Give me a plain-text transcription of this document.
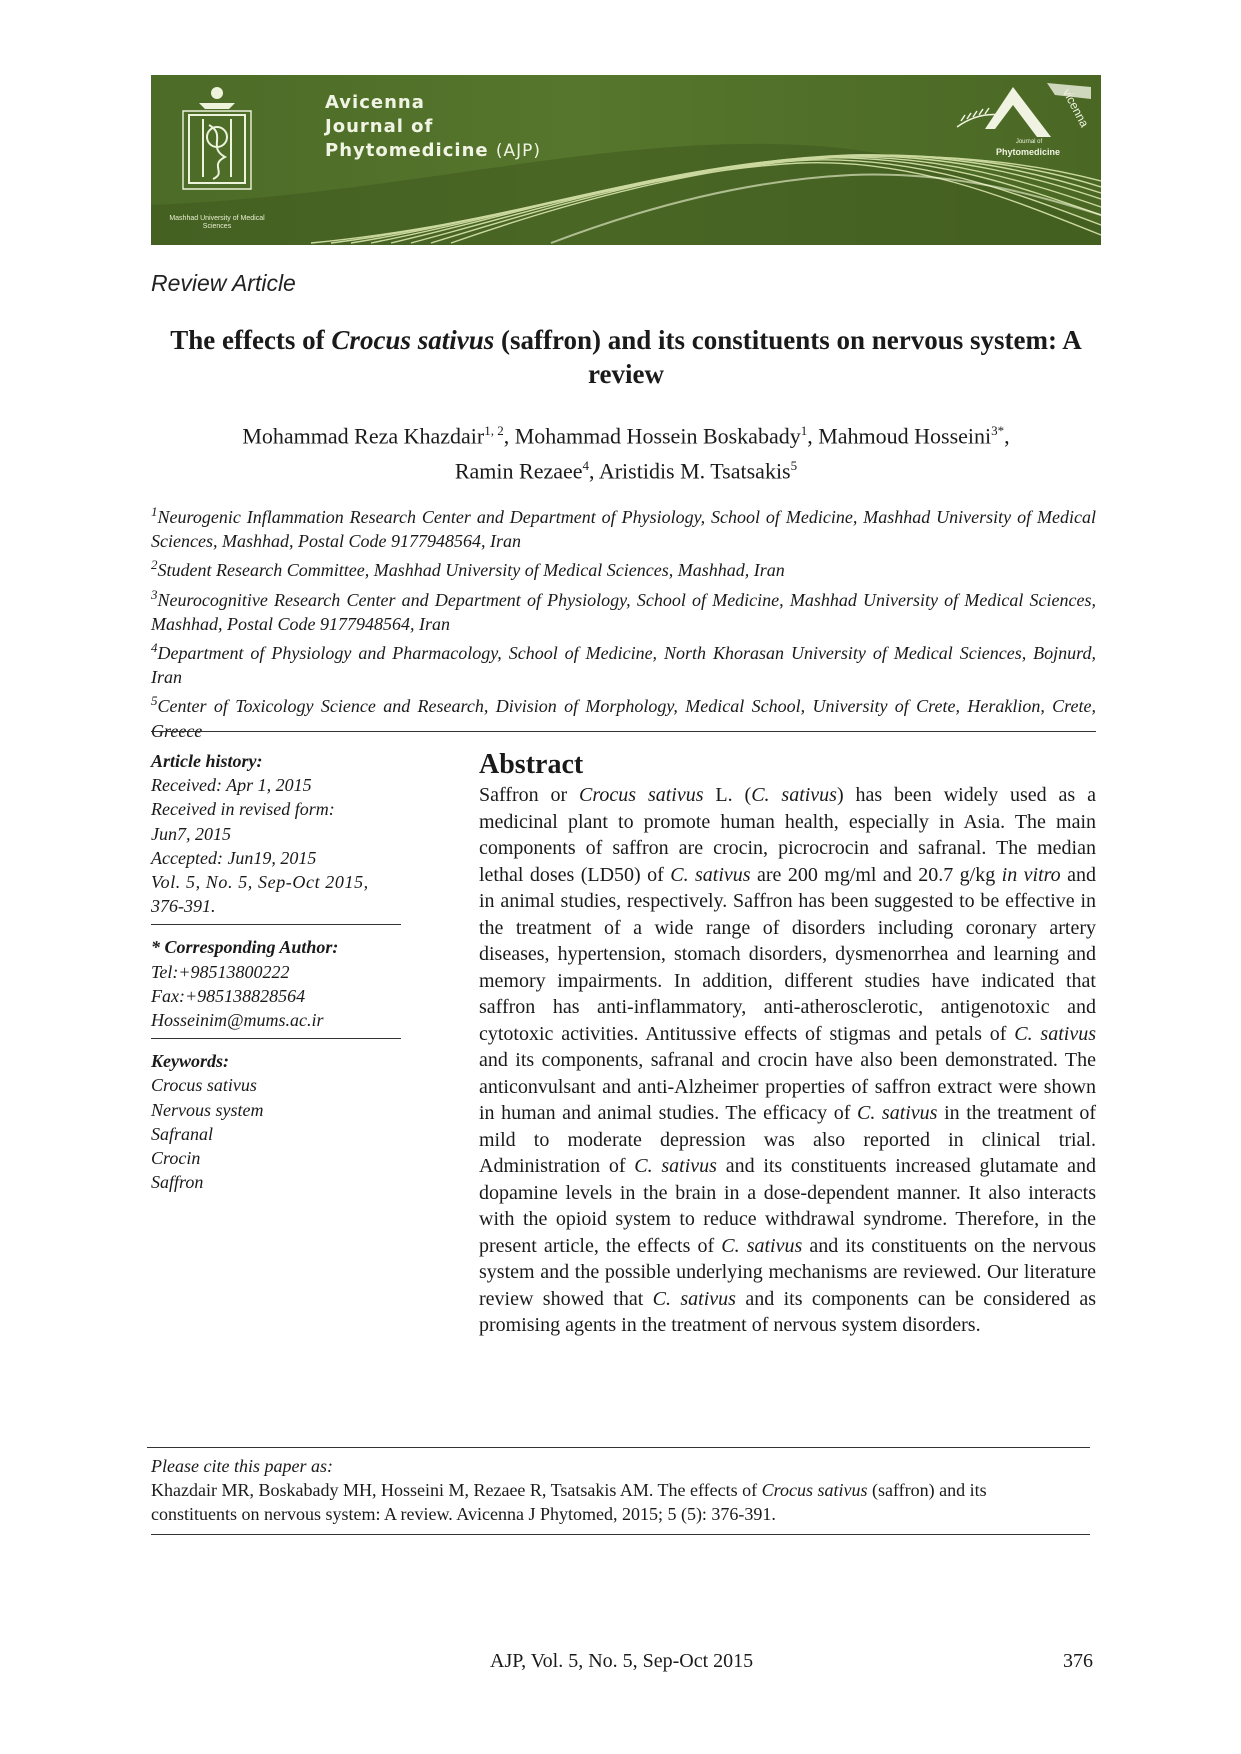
Mashhad University of Medical Sciences
Avicenna
Journal of
Phytomedicine (AJP)
vicenna
Journal of
Phytomedicine
Review Article
The effects of Crocus sativus (saffron) and its constituents on nervous system: A review
Mohammad Reza Khazdair$^{1, 2}$, Mohammad Hossein Boskabady$^1$, Mahmoud Hosseini$^{3*}$,
Ramin Rezaee$^4$, Aristidis M. Tsatsakis$^5$

$^1$Neurogenic Inflammation Research Center and Department of Physiology, School of Medicine, Mashhad University of Medical Sciences, Mashhad, Postal Code 9177948564, Iran

$^2$Student Research Committee, Mashhad University of Medical Sciences, Mashhad, Iran

$^3$Neurocognitive Research Center and Department of Physiology, School of Medicine, Mashhad University of Medical Sciences, Mashhad, Postal Code 9177948564, Iran

$^4$Department of Physiology and Pharmacology, School of Medicine, North Khorasan University of Medical Sciences, Bojnurd, Iran

$^5$Center of Toxicology Science and Research, Division of Morphology, Medical School, University of Crete, Heraklion, Crete, Greece

Article history:

Received: Apr 1, 2015

Received in revised form:

Jun7, 2015

Accepted: Jun19, 2015

Vol. 5, No. 5, Sep-Oct 2015,

376-391.

* Corresponding Author:

Tel:+98513800222

Fax:+985138828564

Hosseinim@mums.ac.ir

Keywords:

Crocus sativus

Nervous system

Safranal

Crocin

Saffron

Abstract

Saffron or Crocus sativus L. (C. sativus) has been widely used as a medicinal plant to promote human health, especially in Asia. The main components of saffron are crocin, picrocrocin and safranal. The median lethal doses (LD50) of C. sativus are 200 mg/ml and 20.7 g/kg in vitro and in animal studies, respectively. Saffron has been suggested to be effective in the treatment of a wide range of disorders including coronary artery diseases, hypertension, stomach disorders, dysmenorrhea and learning and memory impairments. In addition, different studies have indicated that saffron has anti-inflammatory, anti-atherosclerotic, antigenotoxic and cytotoxic activities. Antitussive effects of stigmas and petals of C. sativus and its components, safranal and crocin have also been demonstrated. The anticonvulsant and anti-Alzheimer properties of saffron extract were shown in human and animal studies. The efficacy of C. sativus in the treatment of mild to moderate depression was also reported in clinical trial. Administration of C. sativus and its constituents increased glutamate and dopamine levels in the brain in a dose-dependent manner. It also interacts with the opioid system to reduce withdrawal syndrome. Therefore, in the present article, the effects of C. sativus and its constituents on the nervous system and the possible underlying mechanisms are reviewed. Our literature review showed that C. sativus and its components can be considered as promising agents in the treatment of nervous system disorders.

Please cite this paper as:

Khazdair MR, Boskabady MH, Hosseini M, Rezaee R, Tsatsakis AM. The effects of Crocus sativus (saffron) and its constituents on nervous system: A review. Avicenna J Phytomed, 2015; 5 (5): 376-391.

AJP, Vol. 5, No. 5, Sep-Oct 2015	376
